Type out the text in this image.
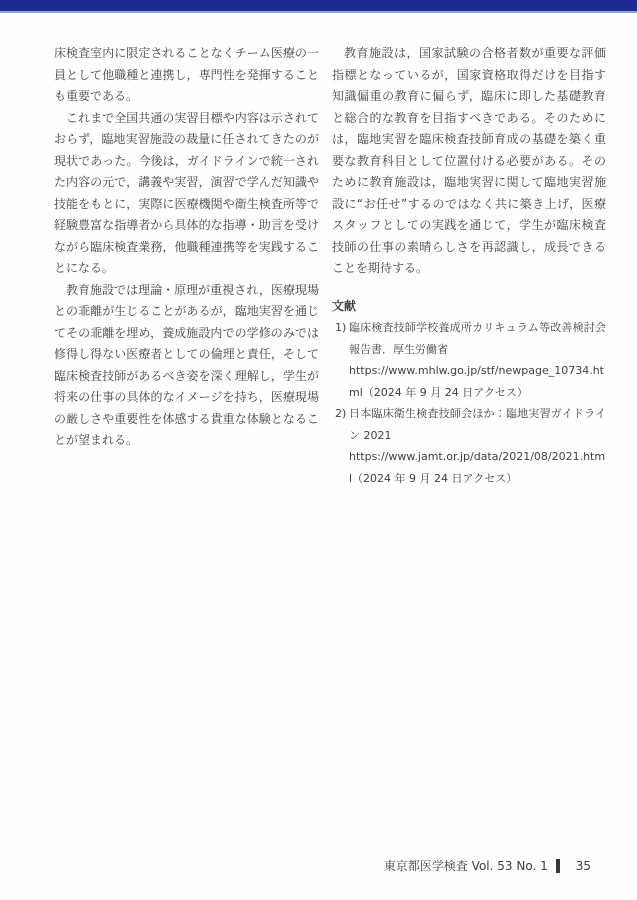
床検査室内に限定されることなくチーム医療の一員として他職種と連携し，専門性を発揮することも重要である。

これまで全国共通の実習目標や内容は示されておらず，臨地実習施設の裁量に任されてきたのが現状であった。今後は，ガイドラインで統一された内容の元で，講義や実習，演習で学んだ知識や技能をもとに，実際に医療機関や衛生検査所等で経験豊富な指導者から具体的な指導・助言を受けながら臨床検査業務，他職種連携等を実践することになる。

教育施設では理論・原理が重視され，医療現場との乖離が生じることがあるが，臨地実習を通じてその乖離を埋め，養成施設内での学修のみでは修得し得ない医療者としての倫理と責任，そして臨床検査技師があるべき姿を深く理解し，学生が将来の仕事の具体的なイメージを持ち，医療現場の厳しさや重要性を体感する貴重な体験となることが望まれる。

教育施設は，国家試験の合格者数が重要な評価指標となっているが，国家資格取得だけを目指す知識偏重の教育に偏らず，臨床に即した基礎教育と総合的な教育を目指すべきである。そのためには，臨地実習を臨床検査技師育成の基礎を築く重要な教育科目として位置付ける必要がある。そのために教育施設は，臨地実習に関して臨地実習施設に“お任せ”するのではなく共に築き上げ，医療スタッフとしての実践を通じて，学生が臨床検査技師の仕事の素晴らしさを再認識し，成長できることを期待する。

文献
1) 臨床検査技師学校養成所カリキュラム等改善検討会報告書．厚生労働省
https://www.mhlw.go.jp/stf/newpage_10734.html（2024 年 9 月 24 日アクセス）
2) 日本臨床衛生検査技師会ほか：臨地実習ガイドライン 2021
https://www.jamt.or.jp/data/2021/08/2021.html（2024 年 9 月 24 日アクセス）
東京都医学検査 Vol. 53 No. 1 35
